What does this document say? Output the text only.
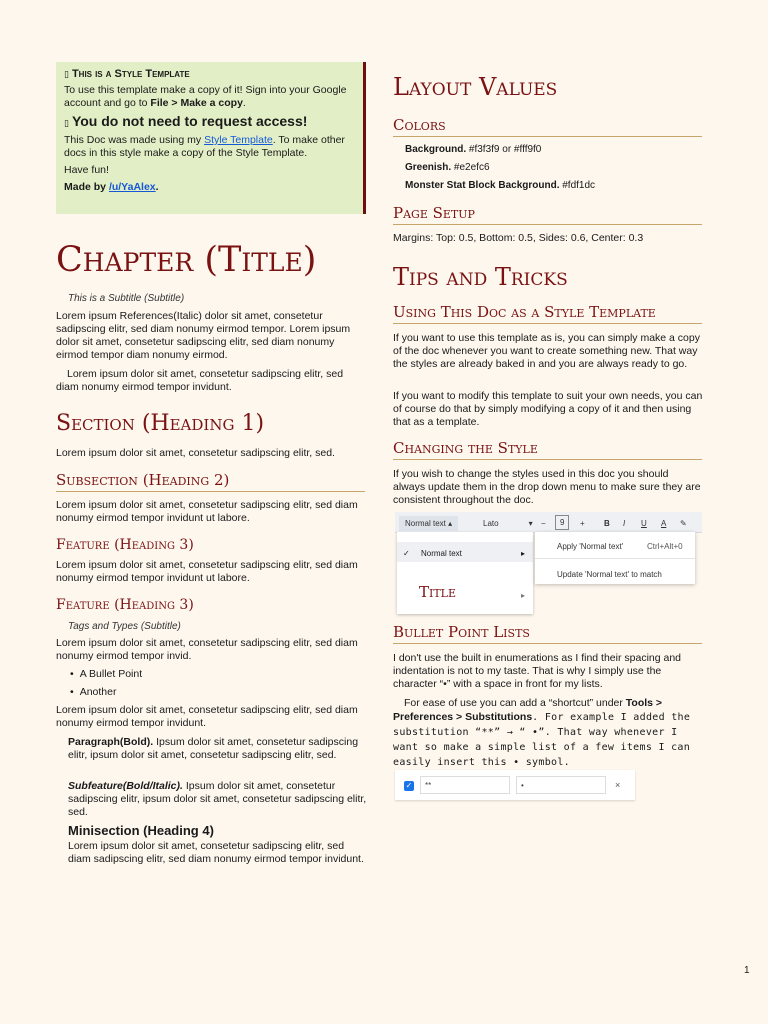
▯ This is a Style Template

To use this template make a copy of it! Sign into your Google account and go to File > Make a copy.

▯ You do not need to request access!

This Doc was made using my Style Template. To make other docs in this style make a copy of the Style Template.

Have fun!

Made by /u/YaAlex.

Chapter (Title)
This is a Subtitle (Subtitle)

Lorem ipsum References(Italic) dolor sit amet, consetetur sadipscing elitr, sed diam nonumy eirmod tempor. Lorem ipsum dolor sit amet, consetetur sadipscing elitr, sed diam nonumy eirmod tempor diam nonumy eirmod.

Lorem ipsum dolor sit amet, consetetur sadipscing elitr, sed diam nonumy eirmod tempor invidunt.

Section (Heading 1)

Lorem ipsum dolor sit amet, consetetur sadipscing elitr, sed.

Subsection (Heading 2)

Lorem ipsum dolor sit amet, consetetur sadipscing elitr, sed diam nonumy eirmod tempor invidunt ut labore.

Feature (Heading 3)

Lorem ipsum dolor sit amet, consetetur sadipscing elitr, sed diam nonumy eirmod tempor invidunt ut labore.

Feature (Heading 3)
Tags and Types (Subtitle)

Lorem ipsum dolor sit amet, consetetur sadipscing elitr, sed diam nonumy eirmod tempor invid.

• A Bullet Point
• Another

Lorem ipsum dolor sit amet, consetetur sadipscing elitr, sed diam nonumy eirmod tempor invidunt.

Paragraph(Bold). Ipsum dolor sit amet, consetetur sadipscing elitr, ipsum dolor sit amet, consetetur sadipscing elitr, sed.

Subfeature(Bold/Italic). Ipsum dolor sit amet, consetetur sadipscing elitr, ipsum dolor sit amet, consetetur sadipscing elitr, sed.

Minisection (Heading 4)

Lorem ipsum dolor sit amet, consetetur sadipscing elitr, sed diam sadipscing elitr, sed diam nonumy eirmod tempor invidunt.

Layout Values
Colors
Background. #f3f3f9 or #fff9f0
Greenish. #e2efc6
Monster Stat Block Background. #fdf1dc
Page Setup

Margins: Top: 0.5, Bottom: 0.5, Sides: 0.6, Center: 0.3

Tips and Tricks
Using This Doc as a Style Template

If you want to use this template as is, you can simply make a copy of the doc whenever you want to create something new. That way the styles are already baked in and you are always ready to go.

If you want to modify this template to suit your own needs, you can of course do that by simply modifying a copy of it and then using that as a template.

Changing the Style

If you wish to change the styles used in this doc you should always update them in the drop down menu to make sure they are consistent throughout the doc.

Normal text ▴	Lato	▾ −	9	+ B I U A ✎
✓ Normal text	▸
Title	▸
Apply 'Normal text'	Ctrl+Alt+0
Update 'Normal text' to match
Bullet Point Lists

I don't use the built in enumerations as I find their spacing and indentation is not to my taste. That is why I simply use the character “•” with a space in front for my lists.

For ease of use you can add a “shortcut” under Tools > Preferences > Substitutions. For example I added the substitution “**” → “ •”. That way whenever I want so make a simple list of a few items I can easily insert this • symbol.

✓	**	•	×
1
